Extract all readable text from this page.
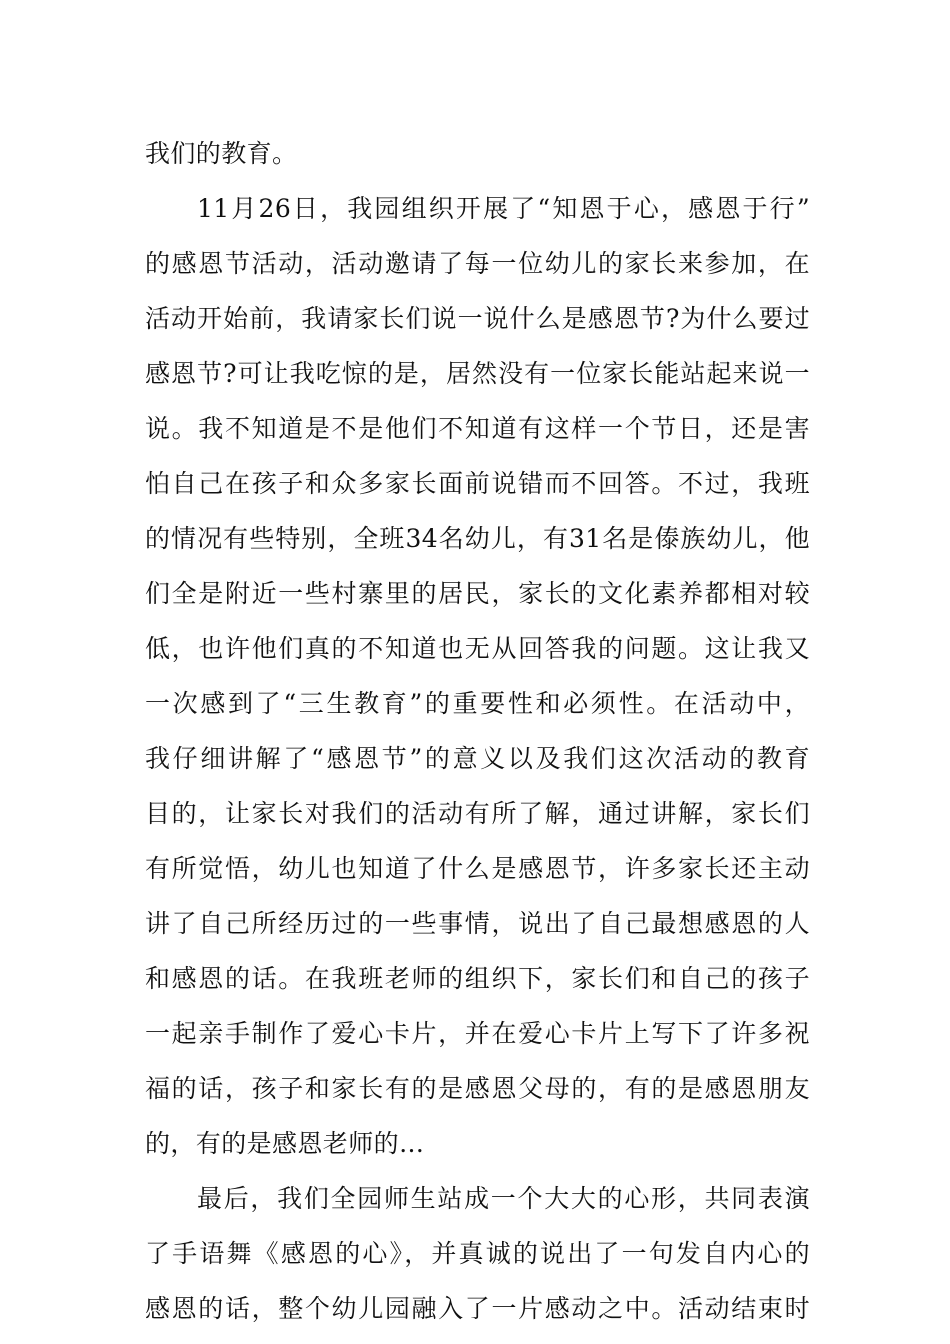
我们的教育。
11月26日，我园组织开展了“知恩于心，感恩于行”
的感恩节活动，活动邀请了每一位幼儿的家长来参加，在
活动开始前，我请家长们说一说什么是感恩节?为什么要过
感恩节?可让我吃惊的是，居然没有一位家长能站起来说一
说。我不知道是不是他们不知道有这样一个节日，还是害
怕自己在孩子和众多家长面前说错而不回答。不过，我班
的情况有些特别，全班34名幼儿，有31名是傣族幼儿，他
们全是附近一些村寨里的居民，家长的文化素养都相对较
低，也许他们真的不知道也无从回答我的问题。这让我又
一次感到了“三生教育”的重要性和必须性。在活动中，
我仔细讲解了“感恩节”的意义以及我们这次活动的教育
目的，让家长对我们的活动有所了解，通过讲解，家长们
有所觉悟，幼儿也知道了什么是感恩节，许多家长还主动
讲了自己所经历过的一些事情，说出了自己最想感恩的人
和感恩的话。在我班老师的组织下，家长们和自己的孩子
一起亲手制作了爱心卡片，并在爱心卡片上写下了许多祝
福的话，孩子和家长有的是感恩父母的，有的是感恩朋友
的，有的是感恩老师的…
最后，我们全园师生站成一个大大的心形，共同表演
了手语舞《感恩的心》，并真诚的说出了一句发自内心的
感恩的话，整个幼儿园融入了一片感动之中。活动结束时
